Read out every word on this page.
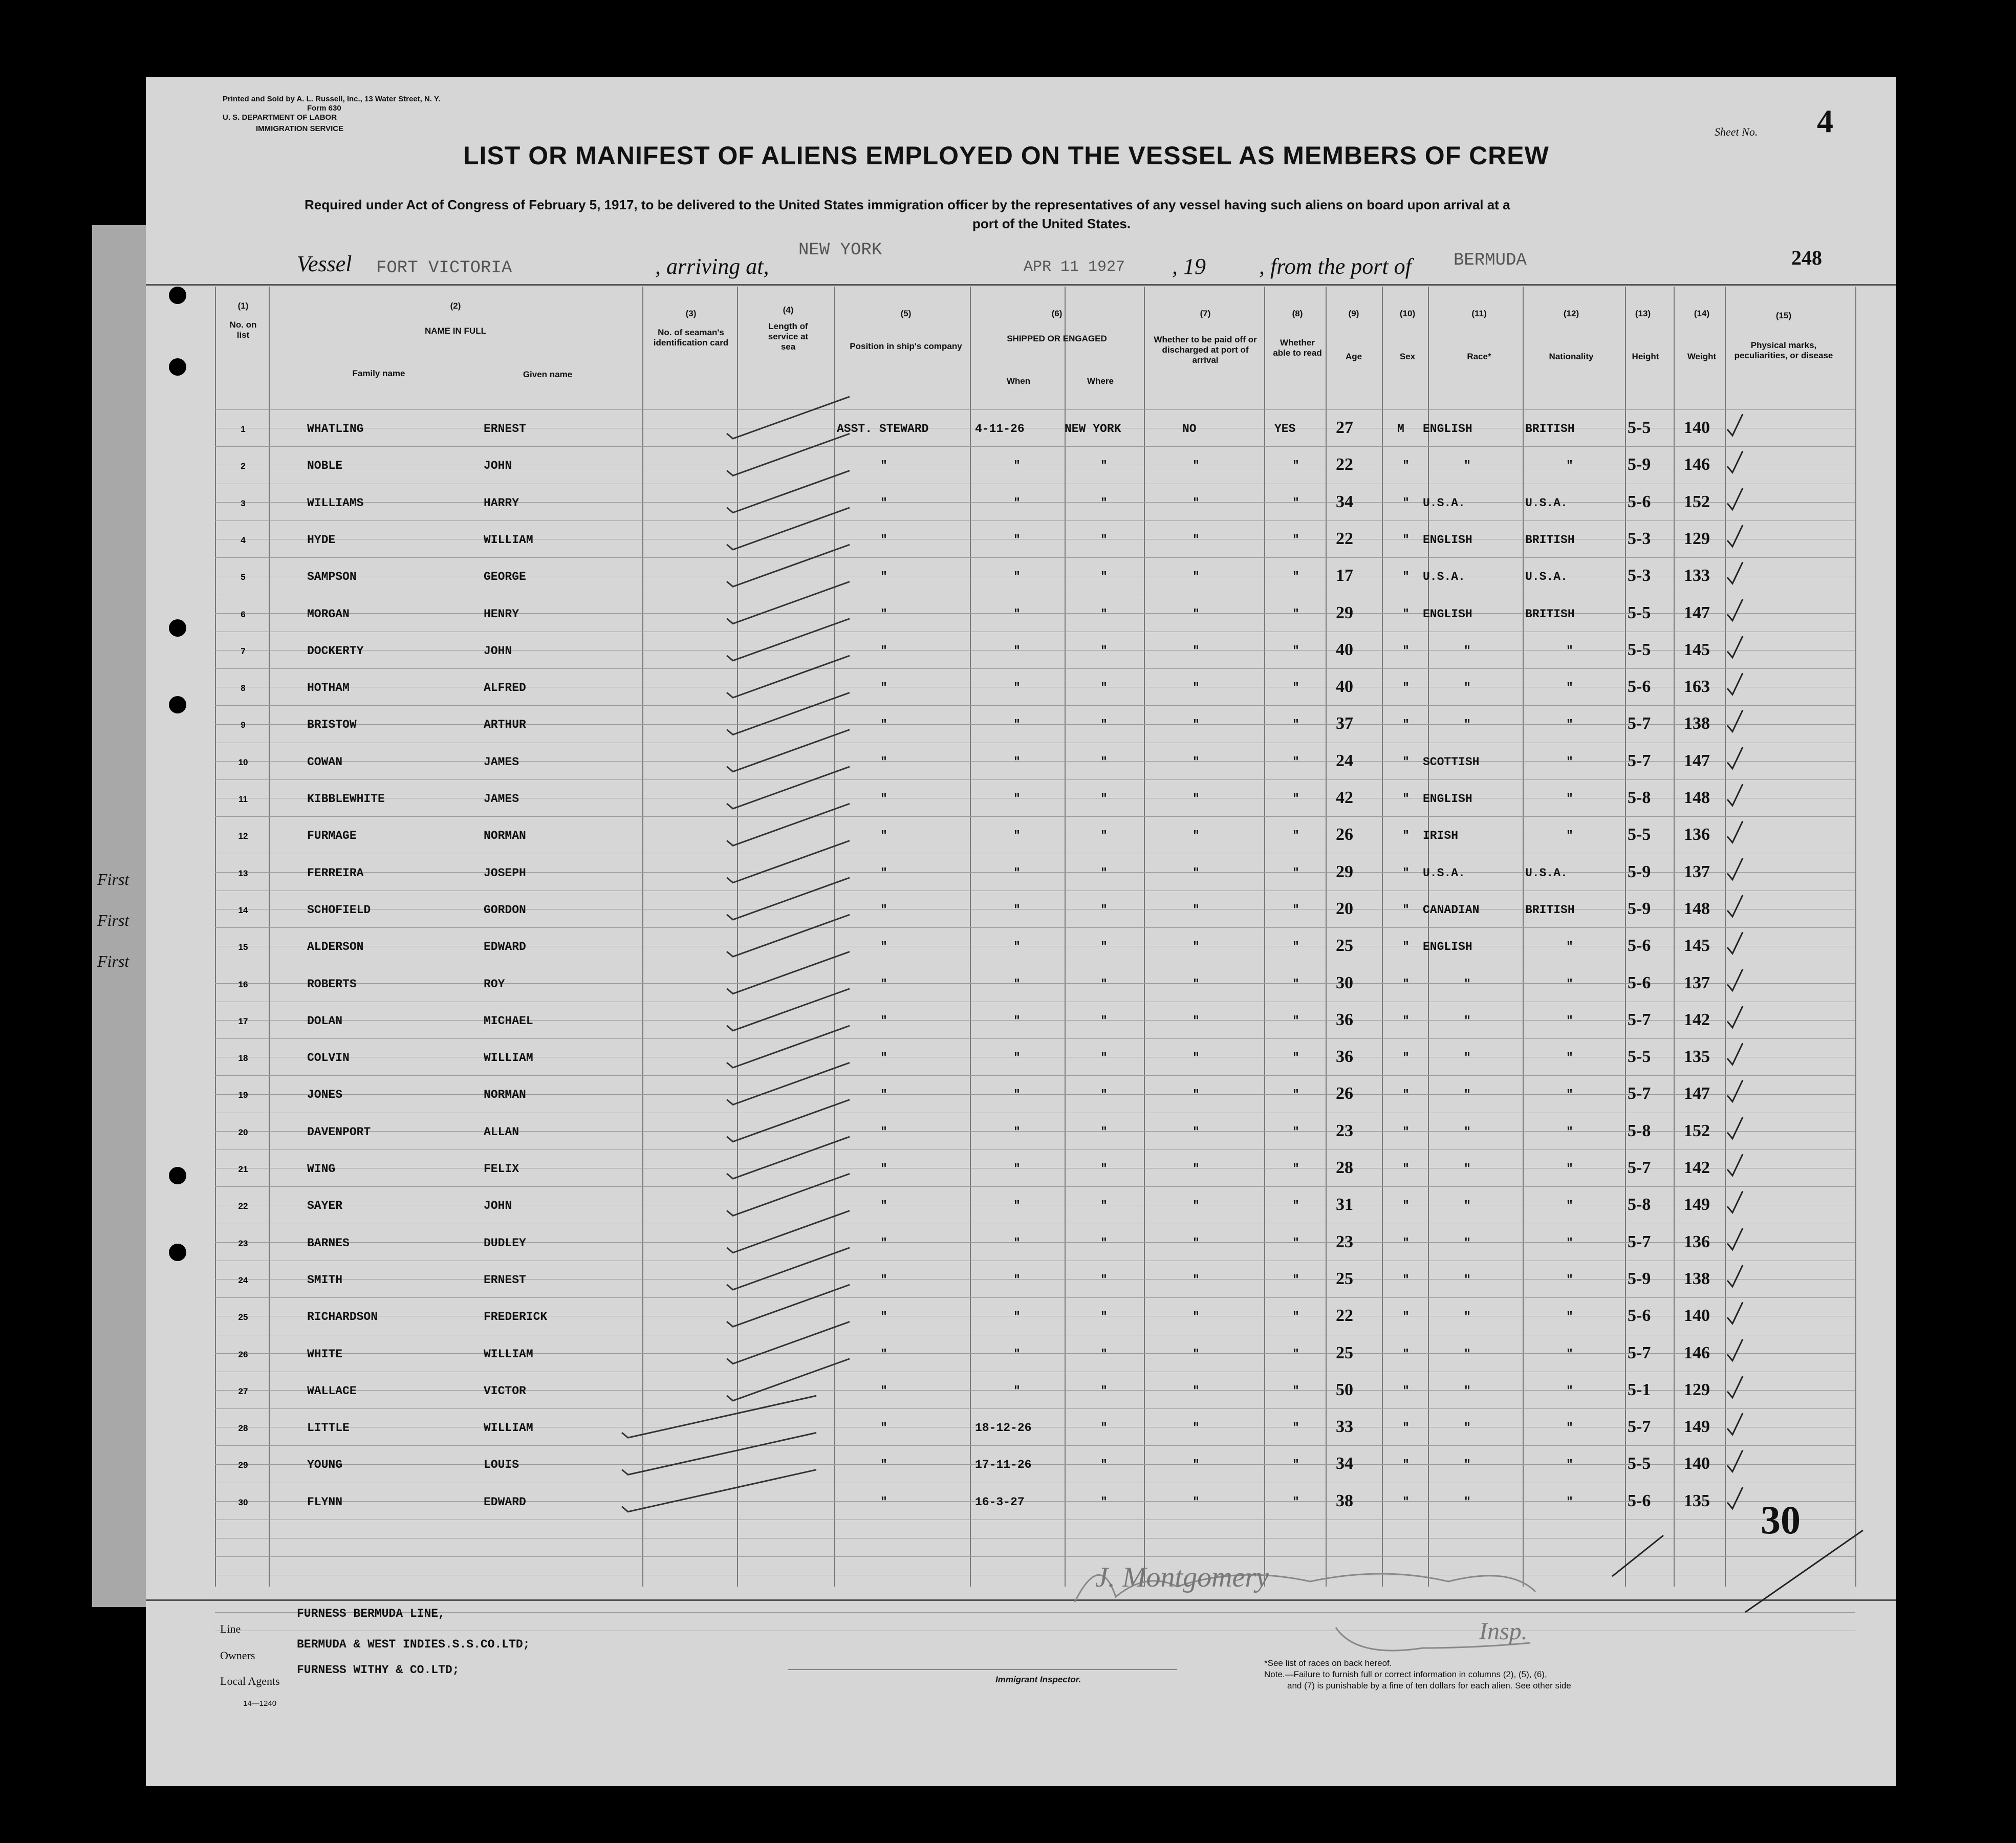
Printed and Sold by A. L. Russell, Inc., 13 Water Street, N. Y.
Form 630
U. S. DEPARTMENT OF LABOR
IMMIGRATION SERVICE	Sheet No. 4
LIST OR MANIFEST OF ALIENS EMPLOYED ON THE VESSEL AS MEMBERS OF CREW
Required under Act of Congress of February 5, 1917, to be delivered to the United States immigration officer by the representatives of any vessel having such aliens on board upon arrival at a
port of the United States.
Vessel FORT VICTORIA	, arriving at,
NEW YORK
APR 11 1927 , 19 , from the port of BERMUDA	248
(1)
No. on list
(2)
NAME IN FULL
Family name	Given name
(3)
No. of seaman's identification card
(4)
Length of service at sea
(5)
Position in ship's company
(6)
SHIPPED OR ENGAGED
When	Where
(7)
Whether to be paid off or discharged at port of arrival
(8)
Whether able to read
(9)
Age
(10)
Sex
(11)
Race*
(12)
Nationality
(13)
Height
(14)
Weight
(15)
Physical marks, peculiarities, or disease
1	WHATLING	ERNEST	ASST. STEWARD	4-11-26	NEW YORK	NO	YES 27	M ENGLISH	BRITISH	5-5 140
2	NOBLE	JOHN	"	"	"	"	" 22	"	"	"	5-9 146
3	WILLIAMS	HARRY	"	"	"	"	" 34	" U.S.A.	U.S.A.	5-6 152
4	HYDE	WILLIAM	"	"	"	"	" 22	" ENGLISH	BRITISH	5-3 129
5	SAMPSON	GEORGE	"	"	"	"	" 17	" U.S.A.	U.S.A.	5-3 133
6	MORGAN	HENRY	"	"	"	"	" 29	" ENGLISH	BRITISH	5-5 147
7	DOCKERTY	JOHN	"	"	"	"	" 40	"	"	"	5-5 145
8	HOTHAM	ALFRED	"	"	"	"	" 40	"	"	"	5-6 163
9	BRISTOW	ARTHUR	"	"	"	"	" 37	"	"	"	5-7 138
10	COWAN	JAMES	"	"	"	"	" 24	" SCOTTISH	"	5-7 147
11	KIBBLEWHITE	JAMES	"	"	"	"	" 42	" ENGLISH	"	5-8 148
12	FURMAGE	NORMAN	"	"	"	"	" 26	" IRISH	"	5-5 136
13	FERREIRA	JOSEPH	"	"	"	"	" 29	" U.S.A.	U.S.A.	5-9 137
14	SCHOFIELD	GORDON	"	"	"	"	" 20	" CANADIAN	BRITISH	5-9 148
15	ALDERSON	EDWARD	"	"	"	"	" 25	" ENGLISH	"	5-6 145
16	ROBERTS	ROY	"	"	"	"	" 30	"	"	"	5-6 137
17	DOLAN	MICHAEL	"	"	"	"	" 36	"	"	"	5-7 142
18	COLVIN	WILLIAM	"	"	"	"	" 36	"	"	"	5-5 135
19	JONES	NORMAN	"	"	"	"	" 26	"	"	"	5-7 147
20	DAVENPORT	ALLAN	"	"	"	"	" 23	"	"	"	5-8 152
21	WING	FELIX	"	"	"	"	" 28	"	"	"	5-7 142
22	SAYER	JOHN	"	"	"	"	" 31	"	"	"	5-8 149
23	BARNES	DUDLEY	"	"	"	"	" 23	"	"	"	5-7 136
24	SMITH	ERNEST	"	"	"	"	" 25	"	"	"	5-9 138
25	RICHARDSON	FREDERICK	"	"	"	"	" 22	"	"	"	5-6 140
26	WHITE	WILLIAM	"	"	"	"	" 25	"	"	"	5-7 146
27	WALLACE	VICTOR	"	"	"	"	" 50	"	"	"	5-1 129
28	LITTLE	WILLIAM	"	18-12-26	"	"	" 33	"	"	"	5-7 149
29	YOUNG	LOUIS	"	17-11-26	"	"	" 34	"	"	"	5-5 140
30	FLYNN	EDWARD	"	16-3-27	"	"	" 38	"	"	"	5-6 135 30
J. Montgomery
Insp.
First
First
First
Line
FURNESS BERMUDA LINE,
Owners
BERMUDA & WEST INDIES.S.S.CO.LTD;
Local Agents
FURNESS WITHY & CO.LTD;
Immigrant Inspector.
*See list of races on back hereof.
Note.—Failure to furnish full or correct information in columns (2), (5), (6),
and (7) is punishable by a fine of ten dollars for each alien. See other side
14—1240
